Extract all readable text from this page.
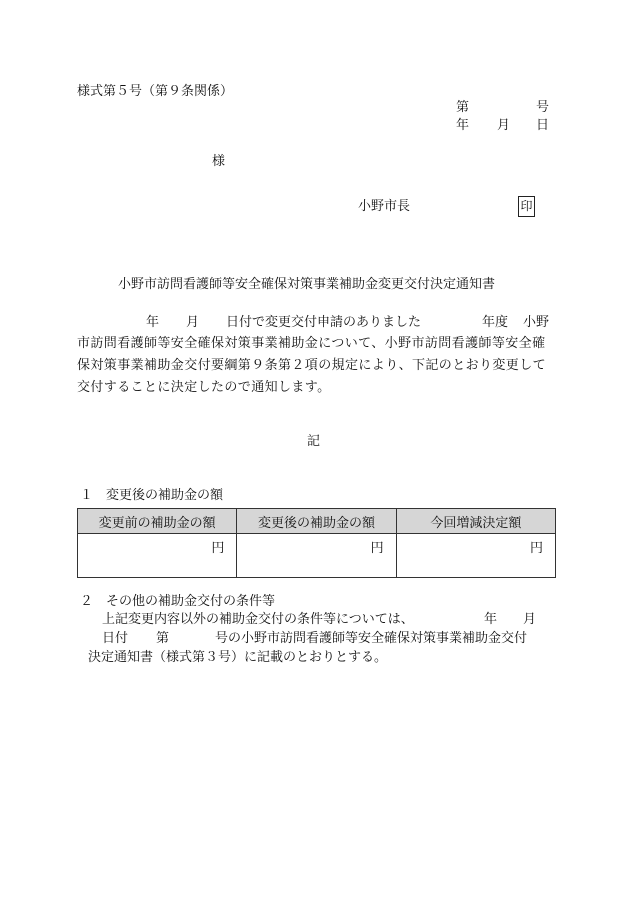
様式第５号（第９条関係）
第	号
年 月 日
様
小野市長	印
小野市訪問看護師等安全確保対策事業補助金変更交付決定通知書
年 月 日付で変更交付申請のありました	年度 小野
市訪問看護師等安全確保対策事業補助金について、小野市訪問看護師等安全確
保対策事業補助金交付要綱第９条第２項の規定により、下記のとおり変更して
交付することに決定したので通知します。
記
１　変更後の補助金の額
変更前の補助金の額	変更後の補助金の額	今回増減決定額
円	円	円
２　その他の補助金交付の条件等
上記変更内容以外の補助金交付の条件等については、	年 月
日付 第	号の小野市訪問看護師等安全確保対策事業補助金交付
決定通知書（様式第３号）に記載のとおりとする。
